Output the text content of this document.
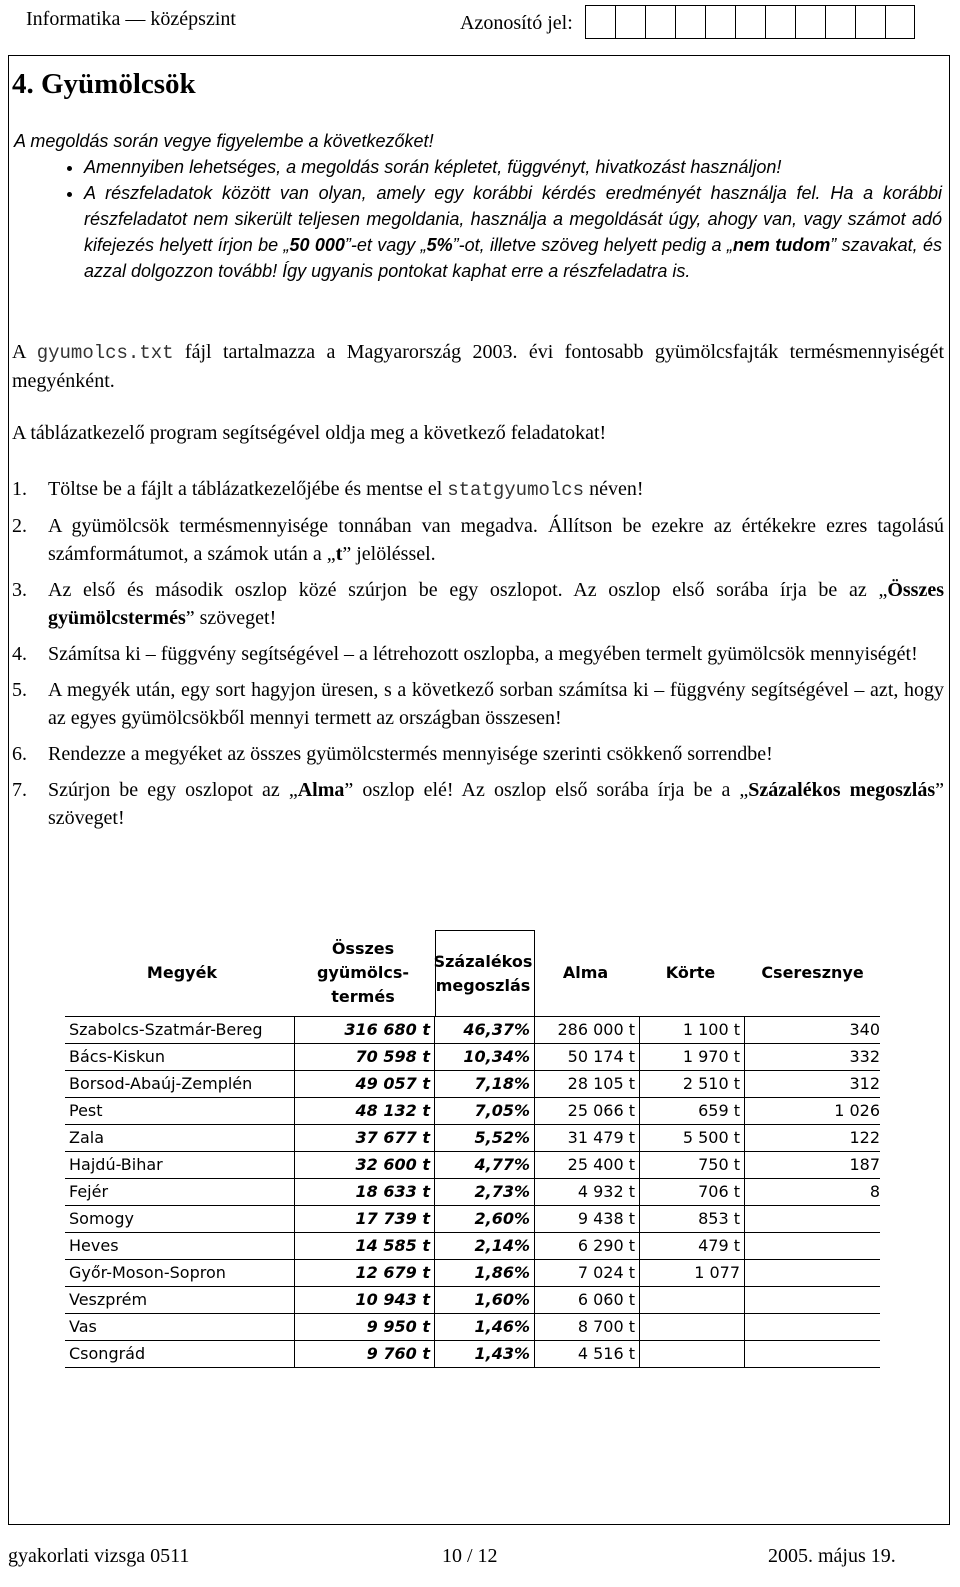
Informatika — középszint	Azonosító jel:
4. Gyümölcsök
A megoldás során vegye figyelembe a következőket!
• Amennyiben lehetséges, a megoldás során képletet, függvényt, hivatkozást használjon!
• A részfeladatok között van olyan, amely egy korábbi kérdés eredményét használja fel. Ha a korábbi részfeladatot nem sikerült teljesen megoldania, használja a megoldását úgy, ahogy van, vagy számot adó kifejezés helyett írjon be „50 000”-et vagy „5%”-ot, illetve szöveg helyett pedig a „nem tudom” szavakat, és azzal dolgozzon tovább! Így ugyanis pontokat kaphat erre a részfeladatra is.
A gyumolcs.txt fájl tartalmazza a Magyarország 2003. évi fontosabb gyümölcsfajták termésmennyiségét megyénként.
A táblázatkezelő program segítségével oldja meg a következő feladatokat!
1.	Töltse be a fájlt a táblázatkezelőjébe és mentse el statgyumolcs néven!
2.	A gyümölcsök termésmennyisége tonnában van megadva. Állítson be ezekre az értékekre ezres tagolású számformátumot, a számok után a „t” jelöléssel.
3.	Az első és második oszlop közé szúrjon be egy oszlopot. Az oszlop első sorába írja be az „Összes gyümölcstermés” szöveget!
4.	Számítsa ki – függvény segítségével – a létrehozott oszlopba, a megyében termelt gyümölcsök mennyiségét!
5.	A megyék után, egy sort hagyjon üresen, s a következő sorban számítsa ki – függvény segítségével – azt, hogy az egyes gyümölcsökből mennyi termett az országban összesen!
6.	Rendezze a megyéket az összes gyümölcstermés mennyisége szerinti csökkenő sorrendbe!
7.	Szúrjon be egy oszlopot az „Alma” oszlop elé! Az oszlop első sorába írja be a „Százalékos megoszlás” szöveget!
Megyék
Összes gyümölcs-termés
Százalékos megoszlás
Alma	Körte	Cseresznye
Szabolcs-Szatmár-Bereg	316 680 t	46,37%	286 000 t	1 100 t	340
Bács-Kiskun	70 598 t	10,34%	50 174 t	1 970 t	332
Borsod-Abaúj-Zemplén	49 057 t	7,18%	28 105 t	2 510 t	312
Pest	48 132 t	7,05%	25 066 t	659 t	1 026
Zala	37 677 t	5,52%	31 479 t	5 500 t	122
Hajdú-Bihar	32 600 t	4,77%	25 400 t	750 t	187
Fejér	18 633 t	2,73%	4 932 t	706 t	8
Somogy	17 739 t	2,60%	9 438 t	853 t
Heves	14 585 t	2,14%	6 290 t	479 t
Győr-Moson-Sopron	12 679 t	1,86%	7 024 t	1 077
Veszprém	10 943 t	1,60%	6 060 t
Vas	9 950 t	1,46%	8 700 t
Csongrád	9 760 t	1,43%	4 516 t
gyakorlati vizsga 0511	10 / 12	2005. május 19.
